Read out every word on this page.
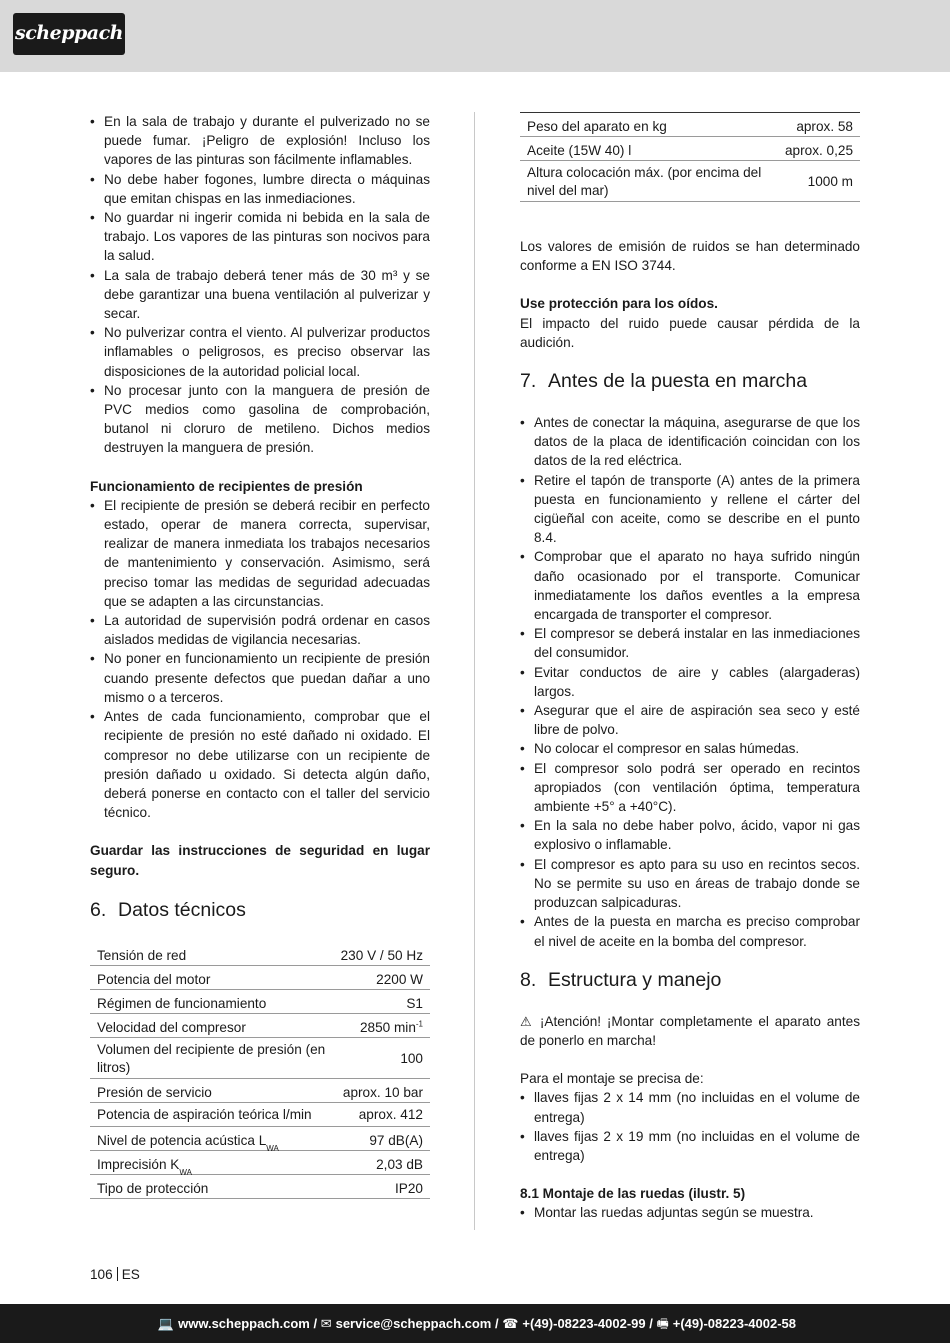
scheppach
• En la sala de trabajo y durante el pulverizado no se puede fumar. ¡Peligro de explosión! Incluso los vapores de las pinturas son fácilmente inflamables.
• No debe haber fogones, lumbre directa o máquinas que emitan chispas en las inmediaciones.
• No guardar ni ingerir comida ni bebida en la sala de trabajo. Los vapores de las pinturas son nocivos para la salud.
• La sala de trabajo deberá tener más de 30 m³ y se debe garantizar una buena ventilación al pulverizar y secar.
• No pulverizar contra el viento. Al pulverizar productos inflamables o peligrosos, es preciso observar las disposiciones de la autoridad policial local.
• No procesar junto con la manguera de presión de PVC medios como gasolina de comprobación, butanol ni cloruro de metileno. Dichos medios destruyen la manguera de presión.
Funcionamiento de recipientes de presión
• El recipiente de presión se deberá recibir en perfecto estado, operar de manera correcta, supervisar, realizar de manera inmediata los trabajos necesarios de mantenimiento y conservación. Asimismo, será preciso tomar las medidas de seguridad adecuadas que se adapten a las circunstancias.
• La autoridad de supervisión podrá ordenar en casos aislados medidas de vigilancia necesarias.
• No poner en funcionamiento un recipiente de presión cuando presente defectos que puedan dañar a uno mismo o a terceros.
• Antes de cada funcionamiento, comprobar que el recipiente de presión no esté dañado ni oxidado. El compresor no debe utilizarse con un recipiente de presión dañado u oxidado. Si detecta algún daño, deberá ponerse en contacto con el taller del servicio técnico.

Guardar las instrucciones de seguridad en lugar seguro.

6. Datos técnicos
Tensión de red	230 V / 50 Hz
Potencia del motor	2200 W
Régimen de funcionamiento	S1
Velocidad del compresor	2850 $\min^{-1}$
Volumen del recipiente de presión (en litros)	100
Presión de servicio	aprox. 10 bar
Potencia de aspiración teórica l/min	aprox. 412
Nivel de potencia acústica $L_{WA}$	97 dB(A)
Imprecisión $K_{WA}$	2,03 dB
Tipo de protección	IP20
Peso del aparato en kg	aprox. 58
Aceite (15W 40) l	aprox. 0,25
Altura colocación máx. (por encima del nivel del mar)	1000 m

Los valores de emisión de ruidos se han determinado conforme a EN ISO 3744.

Use protección para los oídos.

El impacto del ruido puede causar pérdida de la audición.

7. Antes de la puesta en marcha
• Antes de conectar la máquina, asegurarse de que los datos de la placa de identificación coincidan con los datos de la red eléctrica.
• Retire el tapón de transporte (A) antes de la primera puesta en funcionamiento y rellene el cárter del cigüeñal con aceite, como se describe en el punto 8.4.
• Comprobar que el aparato no haya sufrido ningún daño ocasionado por el transporte. Comunicar inmediatamente los daños eventles a la empresa encargada de transporter el compresor.
• El compresor se deberá instalar en las inmediaciones del consumidor.
• Evitar conductos de aire y cables (alargaderas) largos.
• Asegurar que el aire de aspiración sea seco y esté libre de polvo.
• No colocar el compresor en salas húmedas.
• El compresor solo podrá ser operado en recintos apropiados (con ventilación óptima, temperatura ambiente +5° a +40°C).
• En la sala no debe haber polvo, ácido, vapor ni gas explosivo o inflamable.
• El compresor es apto para su uso en recintos secos. No se permite su uso en áreas de trabajo donde se produzcan salpicaduras.
• Antes de la puesta en marcha es preciso comprobar el nivel de aceite en la bomba del compresor.
8. Estructura y manejo

⚠ ¡Atención! ¡Montar completamente el aparato antes de ponerlo en marcha!

Para el montaje se precisa de:

• llaves fijas 2 x 14 mm (no incluidas en el volume de entrega)
• llaves fijas 2 x 19 mm (no incluidas en el volume de entrega)
8.1 Montaje de las ruedas (ilustr. 5)
• Montar las ruedas adjuntas según se muestra.
106 ES
💻 www.scheppach.com /
✉ service@scheppach.com /
☎ +(49)-08223-4002-99 /
🖷 +(49)-08223-4002-58
